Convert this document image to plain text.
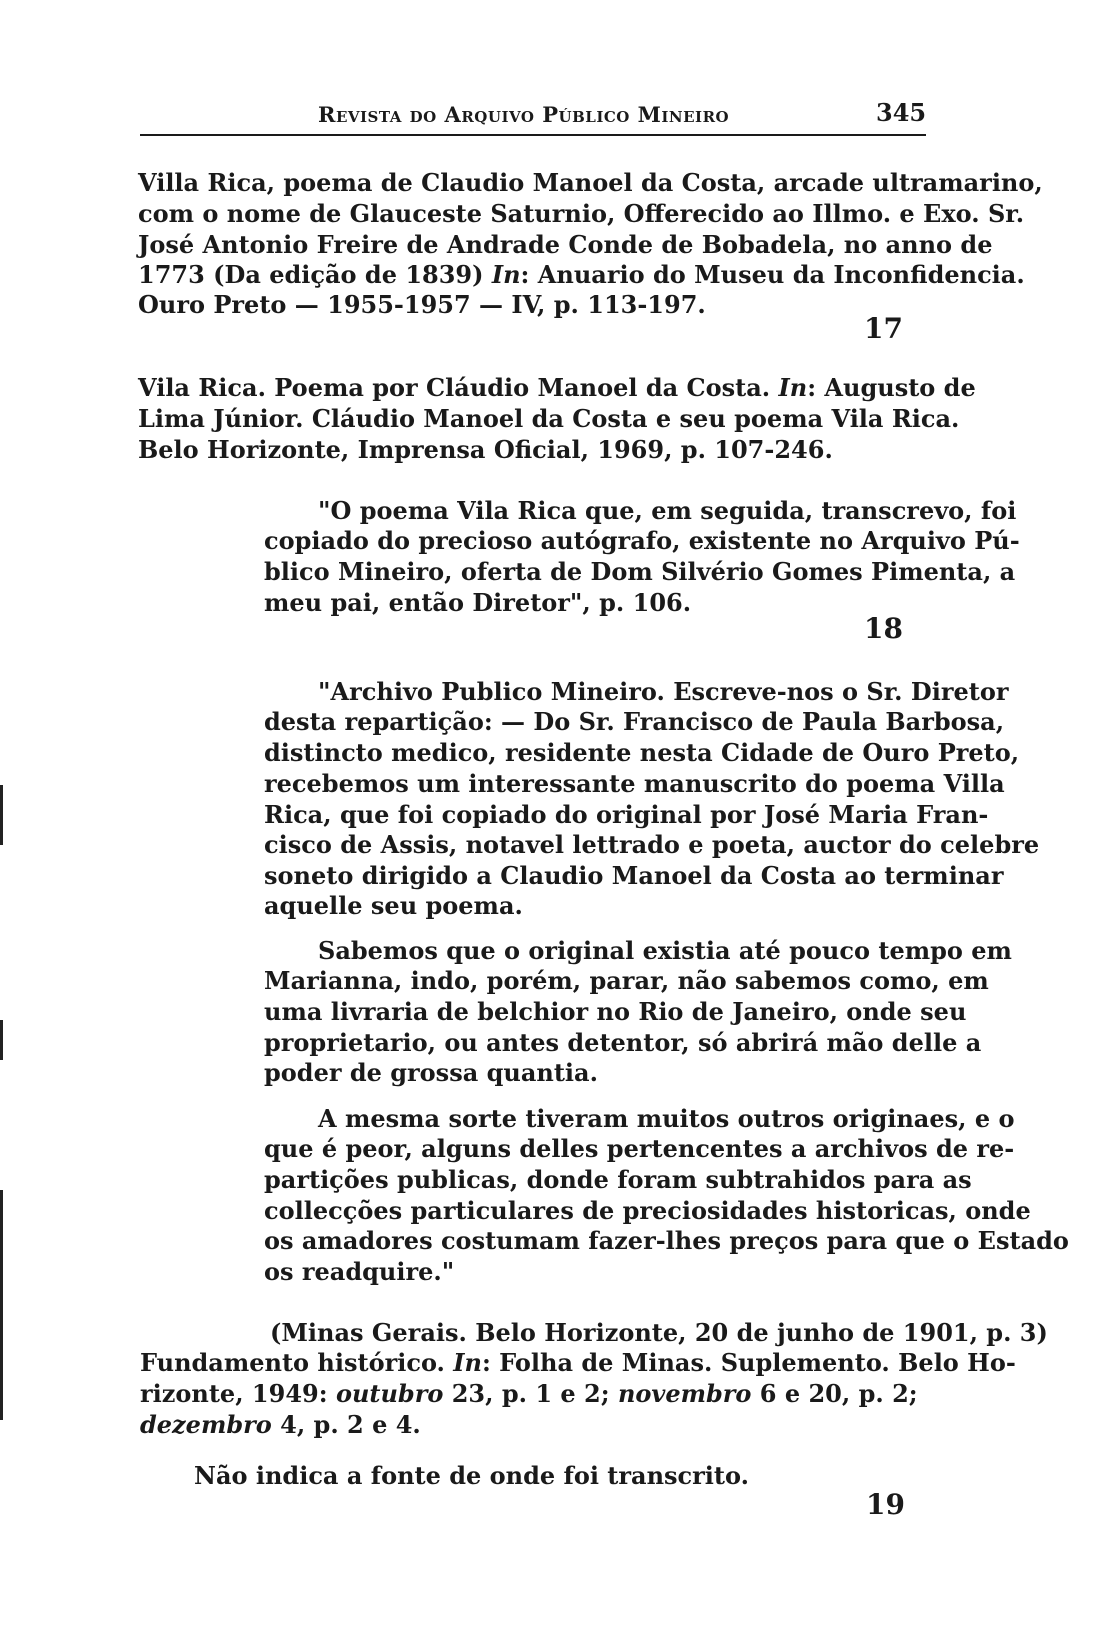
Revista do Arquivo Público Mineiro	345
Villa Rica, poema de Claudio Manoel da Costa, arcade ultramarino,
com o nome de Glauceste Saturnio, Offerecido ao Illmo. e Exo. Sr.
José Antonio Freire de Andrade Conde de Bobadela, no anno de
1773 (Da edição de 1839) In: Anuario do Museu da Inconfidencia.
Ouro Preto — 1955-1957 — IV, p. 113-197.
17
Vila Rica. Poema por Cláudio Manoel da Costa. In: Augusto de
Lima Júnior. Cláudio Manoel da Costa e seu poema Vila Rica.
Belo Horizonte, Imprensa Oficial, 1969, p. 107-246.
"O poema Vila Rica que, em seguida, transcrevo, foi
copiado do precioso autógrafo, existente no Arquivo Pú-
blico Mineiro, oferta de Dom Silvério Gomes Pimenta, a
meu pai, então Diretor", p. 106.
18
"Archivo Publico Mineiro. Escreve-nos o Sr. Diretor
desta repartição: — Do Sr. Francisco de Paula Barbosa,
distincto medico, residente nesta Cidade de Ouro Preto,
recebemos um interessante manuscrito do poema Villa
Rica, que foi copiado do original por José Maria Fran-
cisco de Assis, notavel lettrado e poeta, auctor do celebre
soneto dirigido a Claudio Manoel da Costa ao terminar
aquelle seu poema.
Sabemos que o original existia até pouco tempo em
Marianna, indo, porém, parar, não sabemos como, em
uma livraria de belchior no Rio de Janeiro, onde seu
proprietario, ou antes detentor, só abrirá mão delle a
poder de grossa quantia.
A mesma sorte tiveram muitos outros originaes, e o
que é peor, alguns delles pertencentes a archivos de re-
partições publicas, donde foram subtrahidos para as
collecções particulares de preciosidades historicas, onde
os amadores costumam fazer-lhes preços para que o Estado
os readquire."
(Minas Gerais. Belo Horizonte, 20 de junho de 1901, p. 3)
Fundamento histórico. In: Folha de Minas. Suplemento. Belo Ho-
rizonte, 1949: outubro 23, p. 1 e 2; novembro 6 e 20, p. 2;
dezembro 4, p. 2 e 4.
Não indica a fonte de onde foi transcrito.
19
